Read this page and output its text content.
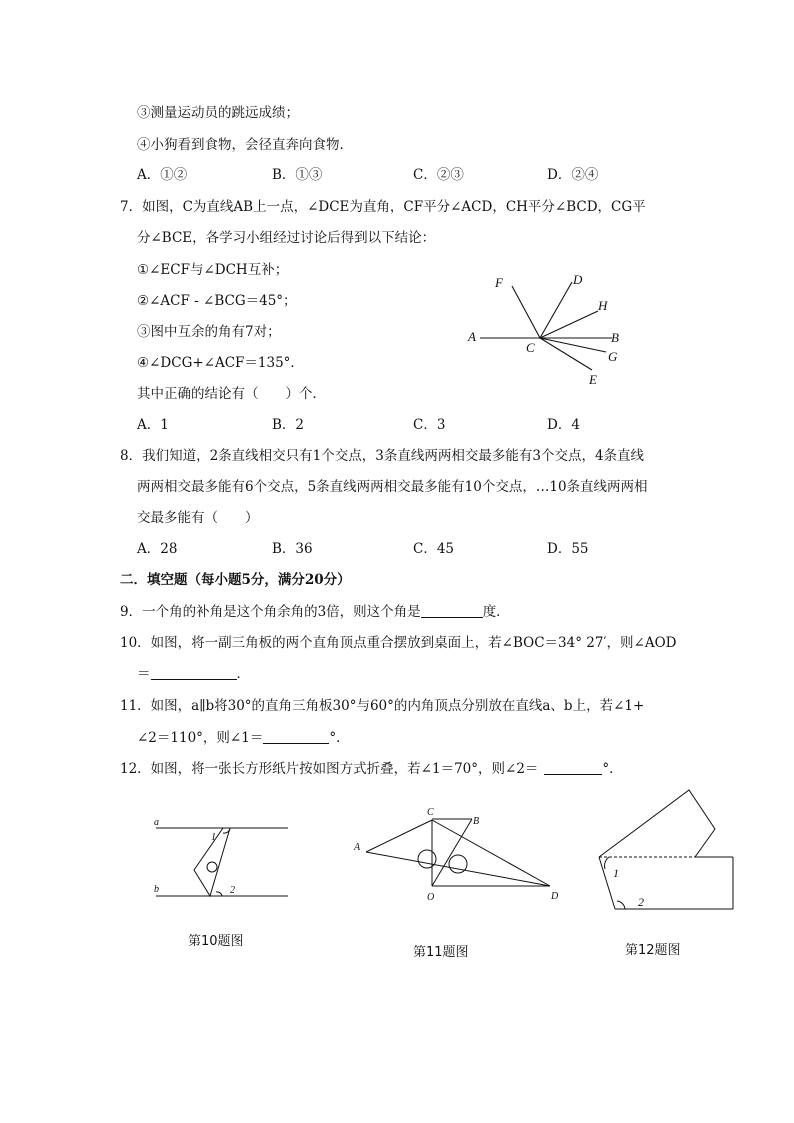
③测量运动员的跳远成绩；
④小狗看到食物，会径直奔向食物．
A．①②	B．①③	C．②③	D．②④
7．如图，C为直线AB上一点，∠DCE为直角，CF平分∠ACD，CH平分∠BCD，CG平
分∠BCE，各学习小组经过讨论后得到以下结论：
①∠ECF与∠DCH互补；
②∠ACF - ∠BCG＝45°；
③图中互余的角有7对；
④∠DCG+∠ACF＝135°．
其中正确的结论有（　　）个．
A	B
C
D
E
F
G
H
A．1	B．2	C．3	D．4
8．我们知道，2条直线相交只有1个交点，3条直线两两相交最多能有3个交点，4条直线
两两相交最多能有6个交点，5条直线两两相交最多能有10个交点，…10条直线两两相
交最多能有（　　）
A．28	B．36	C．45	D．55
二．填空题（每小题5分，满分20分）
9．一个角的补角是这个角余角的3倍，则这个角是	度．
10．如图，将一副三角板的两个直角顶点重合摆放到桌面上，若∠BOC＝34° 27′，则∠AOD
＝	．
11．如图，a∥b将30°的直角三角板30°与60°的内角顶点分别放在直线a、b上，若∠1+
∠2＝110°，则∠1＝	°．
12．如图，将一张长方形纸片按如图方式折叠，若∠1＝70°，则∠2＝	°．
a
b
1
2
第10题图
A
B
C
D
O
第11题图
1
2
第12题图
